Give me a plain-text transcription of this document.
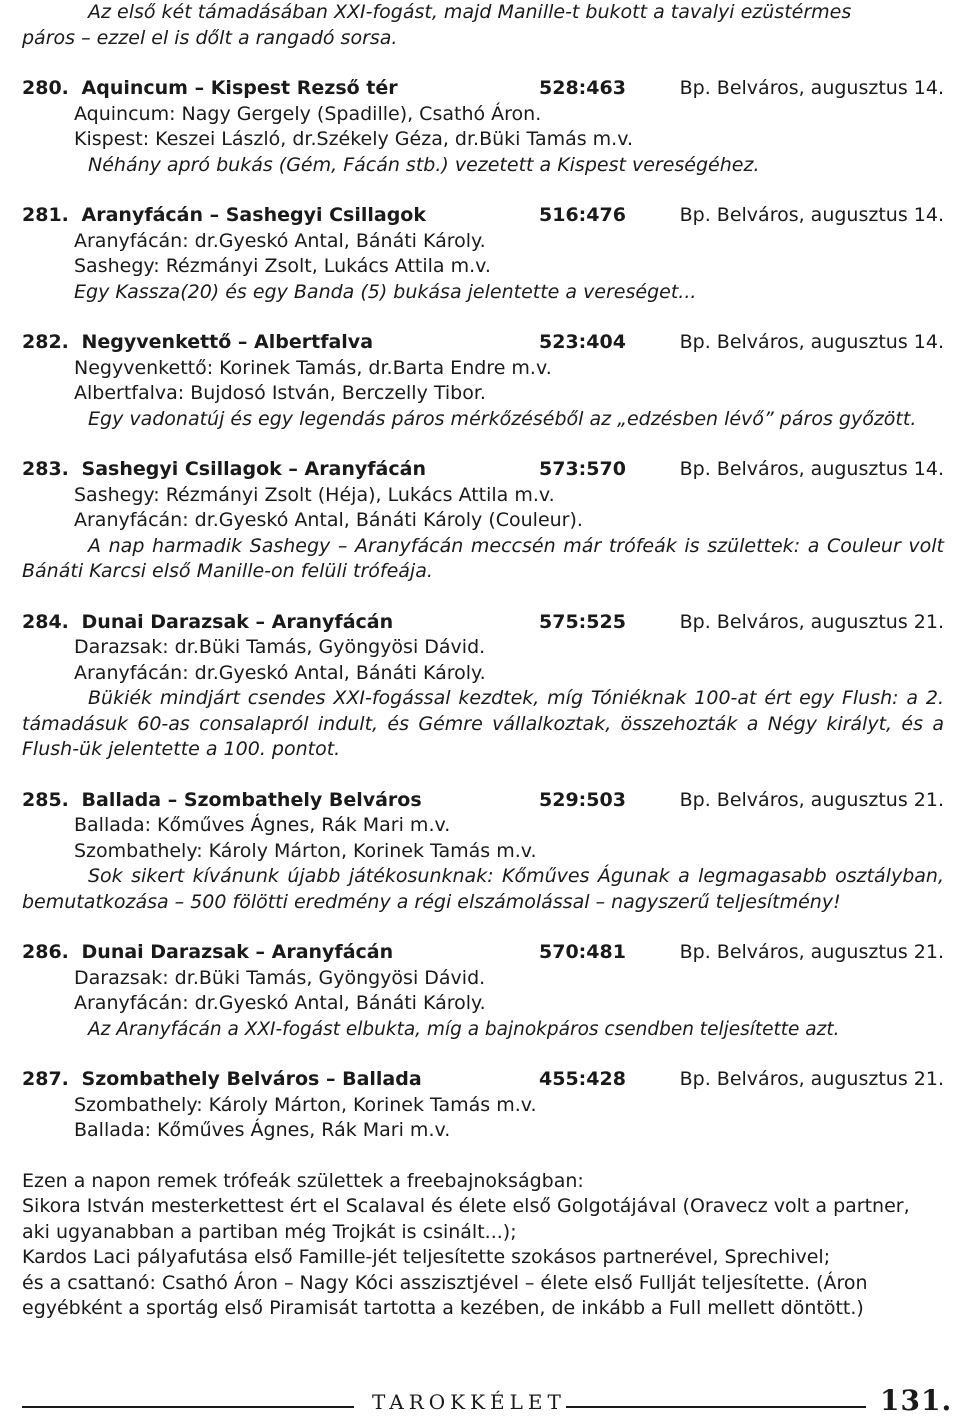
Az első két támadásában XXI-fogást, majd Manille-t bukott a tavalyi ezüstérmes
páros – ezzel el is dőlt a rangadó sorsa.
280. Aquincum – Kispest Rezső tér	528:463	Bp. Belváros, augusztus 14.
Aquincum: Nagy Gergely (Spadille), Csathó Áron.
Kispest: Keszei László, dr.Székely Géza, dr.Büki Tamás m.v.
Néhány apró bukás (Gém, Fácán stb.) vezetett a Kispest vereségéhez.
281. Aranyfácán – Sashegyi Csillagok	516:476	Bp. Belváros, augusztus 14.
Aranyfácán: dr.Gyeskó Antal, Bánáti Károly.
Sashegy: Rézmányi Zsolt, Lukács Attila m.v.
Egy Kassza(20) és egy Banda (5) bukása jelentette a vereséget...
282. Negyvenkettő – Albertfalva	523:404	Bp. Belváros, augusztus 14.
Negyvenkettő: Korinek Tamás, dr.Barta Endre m.v.
Albertfalva: Bujdosó István, Berczelly Tibor.
Egy vadonatúj és egy legendás páros mérkőzéséből az „edzésben lévő” páros győzött.
283. Sashegyi Csillagok – Aranyfácán	573:570	Bp. Belváros, augusztus 14.
Sashegy: Rézmányi Zsolt (Héja), Lukács Attila m.v.
Aranyfácán: dr.Gyeskó Antal, Bánáti Károly (Couleur).
A nap harmadik Sashegy – Aranyfácán meccsén már trófeák is születtek: a Couleur volt Bánáti Karcsi első Manille-on felüli trófeája.
284. Dunai Darazsak – Aranyfácán	575:525	Bp. Belváros, augusztus 21.
Darazsak: dr.Büki Tamás, Gyöngyösi Dávid.
Aranyfácán: dr.Gyeskó Antal, Bánáti Károly.
Bükiék mindjárt csendes XXI-fogással kezdtek, míg Tóniéknak 100-at ért egy Flush: a 2. támadásuk 60-as consalapról indult, és Gémre vállalkoztak, összehozták a Négy királyt, és a Flush-ük jelentette a 100. pontot.
285. Ballada – Szombathely Belváros	529:503	Bp. Belváros, augusztus 21.
Ballada: Kőműves Ágnes, Rák Mari m.v.
Szombathely: Károly Márton, Korinek Tamás m.v.
Sok sikert kívánunk újabb játékosunknak: Kőműves Águnak a legmagasabb osztályban, bemutatkozása – 500 fölötti eredmény a régi elszámolással – nagyszerű teljesítmény!
286. Dunai Darazsak – Aranyfácán	570:481	Bp. Belváros, augusztus 21.
Darazsak: dr.Büki Tamás, Gyöngyösi Dávid.
Aranyfácán: dr.Gyeskó Antal, Bánáti Károly.
Az Aranyfácán a XXI-fogást elbukta, míg a bajnokpáros csendben teljesítette azt.
287. Szombathely Belváros – Ballada	455:428	Bp. Belváros, augusztus 21.
Szombathely: Károly Márton, Korinek Tamás m.v.
Ballada: Kőműves Ágnes, Rák Mari m.v.
Ezen a napon remek trófeák születtek a freebajnokságban:
Sikora István mesterkettest ért el Scalaval és élete első Golgotájával (Oravecz volt a partner,
aki ugyanabban a partiban még Trojkát is csinált...);
Kardos Laci pályafutása első Famille-jét teljesítette szokásos partnerével, Sprechivel;
és a csattanó: Csathó Áron – Nagy Kóci asszisztjével – élete első Fullját teljesítette. (Áron
egyébként a sportág első Piramisát tartotta a kezében, de inkább a Full mellett döntött.)
TAROKKÉLET	131.
